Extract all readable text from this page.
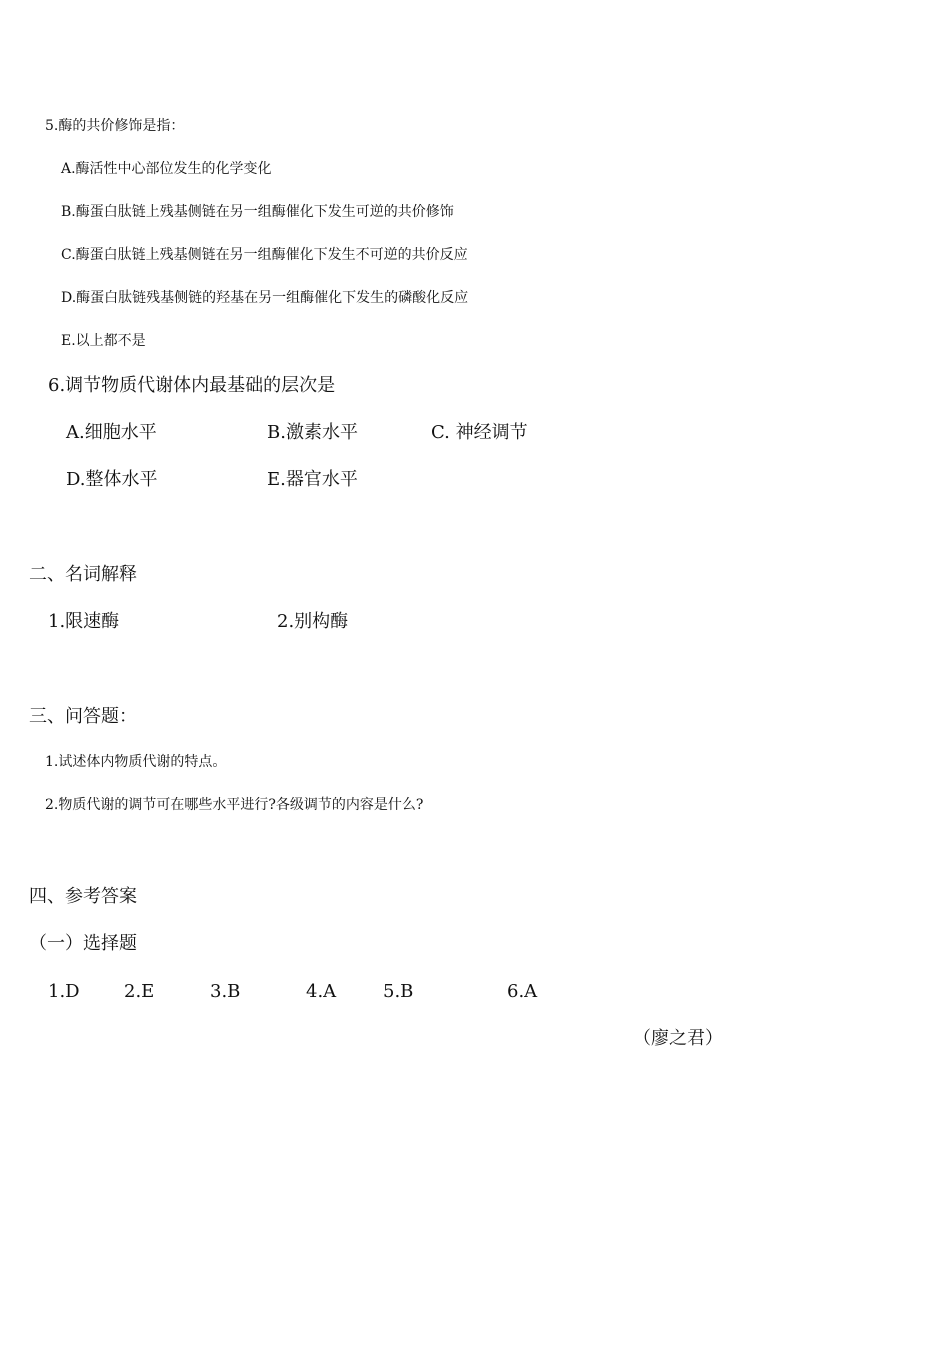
5.酶的共价修饰是指：
A.酶活性中心部位发生的化学变化
B.酶蛋白肽链上残基侧链在另一组酶催化下发生可逆的共价修饰
C.酶蛋白肽链上残基侧链在另一组酶催化下发生不可逆的共价反应
D.酶蛋白肽链残基侧链的羟基在另一组酶催化下发生的磷酸化反应
E.以上都不是
6.调节物质代谢体内最基础的层次是
A.细胞水平	B.激素水平	C. 神经调节
D.整体水平	E.器官水平
二、名词解释
1.限速酶	2.别构酶
三、问答题：
1.试述体内物质代谢的特点。
2.物质代谢的调节可在哪些水平进行?各级调节的内容是什么?
四、参考答案
（一）选择题
1.D 2.E	3.B	4.A	5.B	6.A
（廖之君）
